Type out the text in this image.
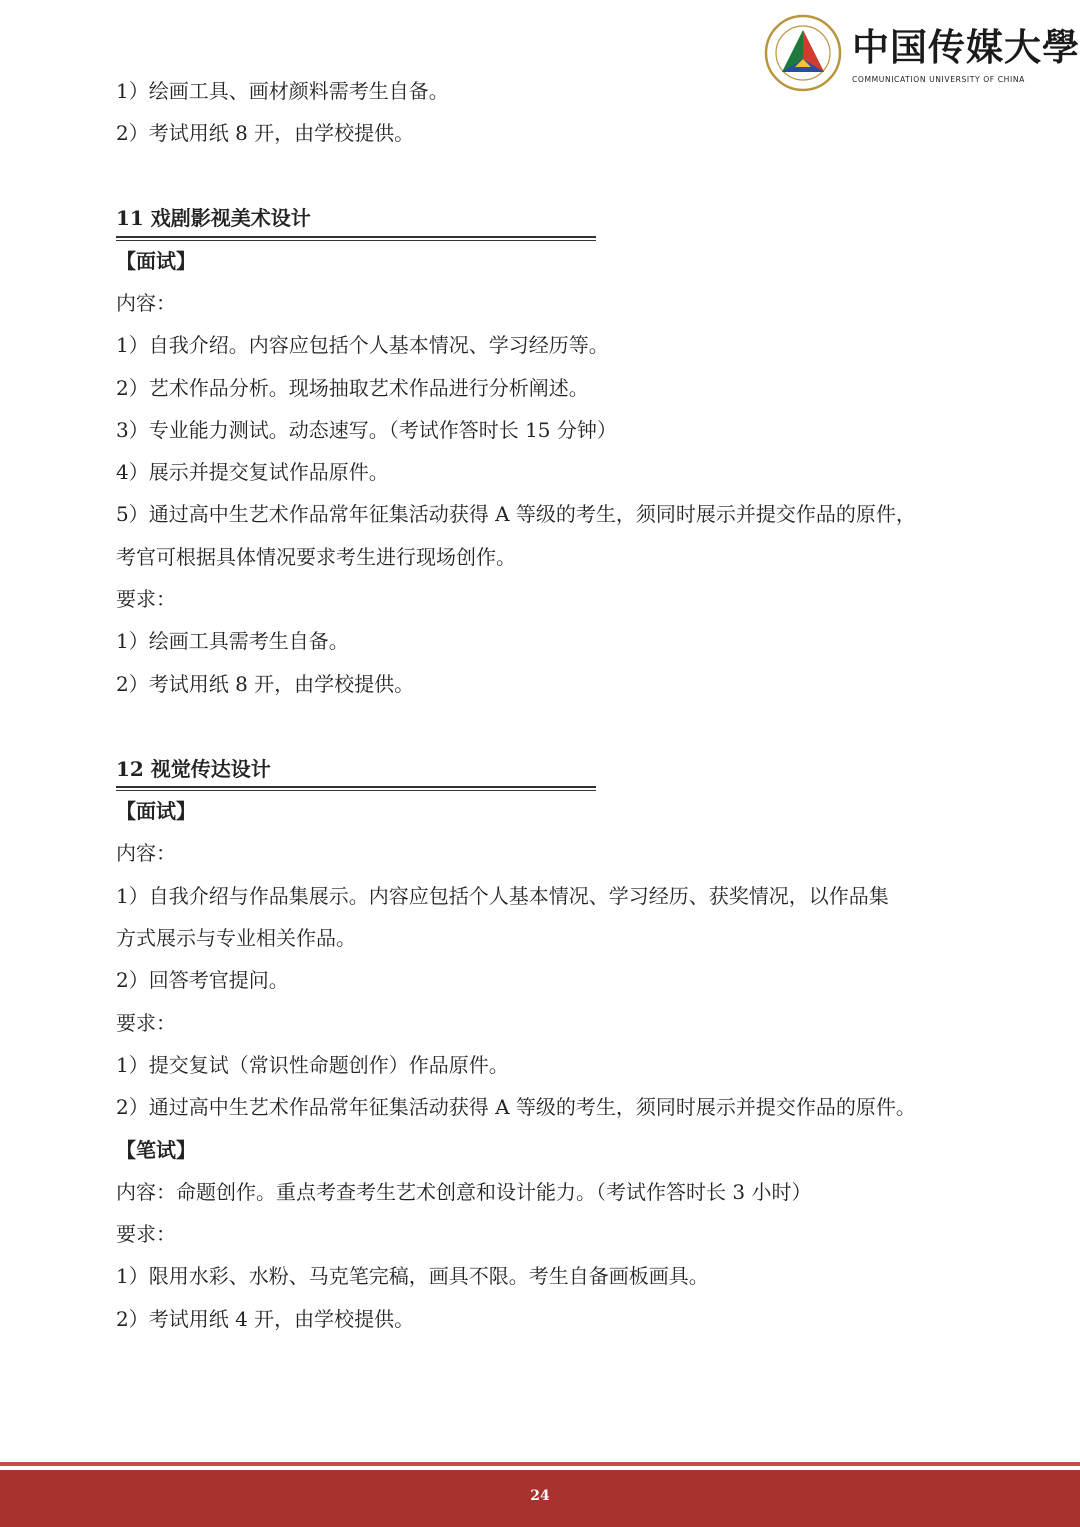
中国传媒大學
COMMUNICATION UNIVERSITY OF CHINA
1）绘画工具、画材颜料需考生自备。
2）考试用纸 8 开，由学校提供。
11 戏剧影视美术设计
【面试】
内容：
1）自我介绍。内容应包括个人基本情况、学习经历等。
2）艺术作品分析。现场抽取艺术作品进行分析阐述。
3）专业能力测试。动态速写。（考试作答时长 15 分钟）
4）展示并提交复试作品原件。
5）通过高中生艺术作品常年征集活动获得 A 等级的考生，须同时展示并提交作品的原件，
考官可根据具体情况要求考生进行现场创作。
要求：
1）绘画工具需考生自备。
2）考试用纸 8 开，由学校提供。
12 视觉传达设计
【面试】
内容：
1）自我介绍与作品集展示。内容应包括个人基本情况、学习经历、获奖情况，以作品集
方式展示与专业相关作品。
2）回答考官提问。
要求：
1）提交复试（常识性命题创作）作品原件。
2）通过高中生艺术作品常年征集活动获得 A 等级的考生，须同时展示并提交作品的原件。
【笔试】
内容：命题创作。重点考查考生艺术创意和设计能力。（考试作答时长 3 小时）
要求：
1）限用水彩、水粉、马克笔完稿，画具不限。考生自备画板画具。
2）考试用纸 4 开，由学校提供。
24
